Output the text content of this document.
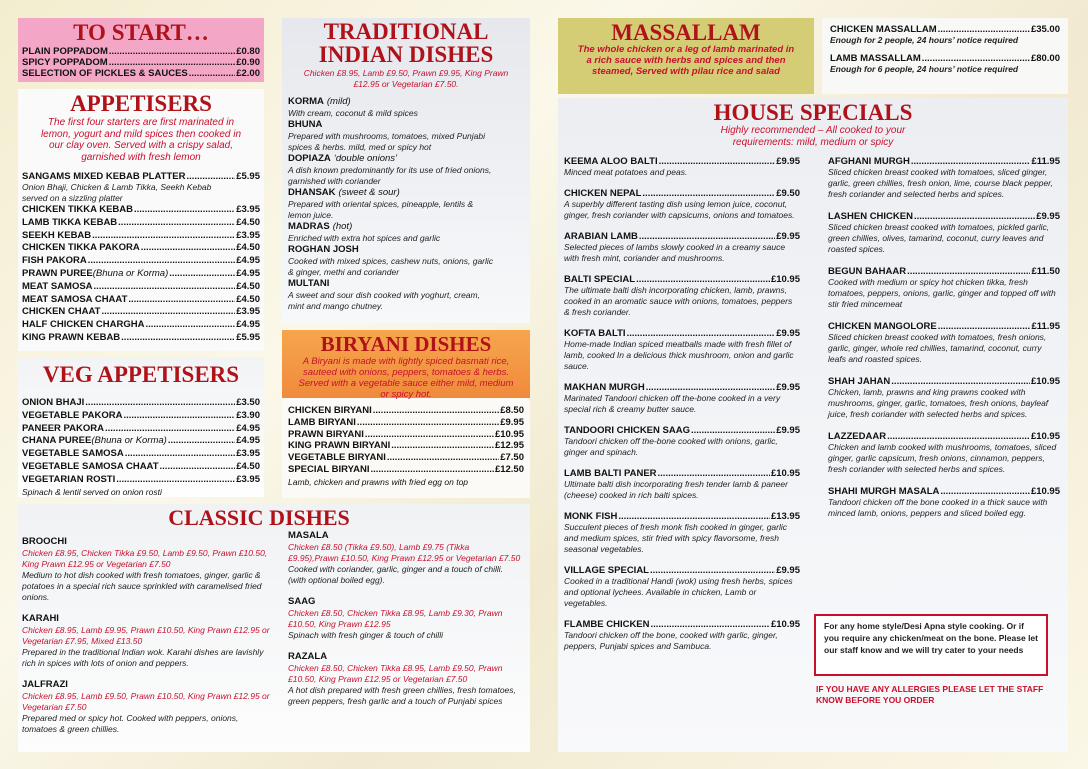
TO START…
PLAIN POPPADOM .....	£0.80
SPICY POPPADOM .....	£0.90
SELECTION OF PICKLES & SAUCES .....	£2.00
APPETISERS
The first four starters are first marinated in lemon, yogurt and mild spices then cooked in our clay oven. Served with a crispy salad, garnished with fresh lemon
SANGAMS MIXED KEBAB PLATTER .....	£5.95
Onion Bhaji, Chicken & Lamb Tikka, Seekh Kebab served on a sizzling platter
CHICKEN TIKKA KEBAB .....	£3.95
LAMB TIKKA KEBAB .....	£4.50
SEEKH KEBAB .....	£3.95
CHICKEN TIKKA PAKORA .....	£4.50
FISH PAKORA .....	£4.95
PRAWN PUREE (Bhuna or Korma) .....	£4.95
MEAT SAMOSA .....	£4.50
MEAT SAMOSA CHAAT .....	£4.50
CHICKEN CHAAT .....	£3.95
HALF CHICKEN CHARGHA .....	£4.95
KING PRAWN KEBAB .....	£5.95
VEG APPETISERS
ONION BHAJI .....	£3.50
VEGETABLE PAKORA .....	£3.90
PANEER PAKORA .....	£4.95
CHANA PUREE (Bhuna or Korma) .....	£4.95
VEGETABLE SAMOSA .....	£3.95
VEGETABLE SAMOSA CHAAT .....	£4.50
VEGETARIAN ROSTI .....	£3.95
Spinach & lentil served on onion rosti
TRADITIONAL
INDIAN DISHES
Chicken £8.95, Lamb £9.50, Prawn £9.95, King Prawn £12.95 or Vegetarian £7.50.
KORMA (mild)
With cream, coconut & mild spices
BHUNA
Prepared with mushrooms, tomatoes, mixed Punjabi spices & herbs. mild, med or spicy hot
DOPIAZA ‘double onions’
A dish known predominantly for its use of fried onions, garnished with coriander
DHANSAK (sweet & sour)
Prepared with oriental spices, pineapple, lentils & lemon juice.
MADRAS (hot)
Enriched with extra hot spices and garlic
ROGHAN JOSH
Cooked with mixed spices, cashew nuts, onions, garlic & ginger, methi and coriander
MULTANI
A sweet and sour dish cooked with yoghurt, cream, mint and mango chutney.
BIRYANI DISHES
A Biryani is made with lightly spiced basmati rice, sauteed with onions, peppers, tomatoes & herbs. Served with a vegetable sauce either mild, medium or spicy hot.
CHICKEN BIRYANI .....	£8.50
LAMB BIRYANI .....	£9.95
PRAWN BIRYANI .....	£10.95
KING PRAWN BIRYANI .....	£12.95
VEGETABLE BIRYANI .....	£7.50
SPECIAL BIRYANI .....	£12.50
Lamb, chicken and prawns with fried egg on top
CLASSIC DISHES
BROOCHI
Chicken £8.95, Chicken Tikka £9.50, Lamb £9.50, Prawn £10.50, King Prawn £12.95 or Vegetarian £7.50
Medium to hot dish cooked with fresh tomatoes, ginger, garlic & potatoes in a special rich sauce sprinkled with caramelised fried onions.
KARAHI
Chicken £8.95, Lamb £9.95, Prawn £10.50, King Prawn £12.95 or Vegetarian £7.95, Mixed £13.50
Prepared in the traditional Indian wok. Karahi dishes are lavishly rich in spices with lots of onion and peppers.
JALFRAZI
Chicken £8.95, Lamb £9.50, Prawn £10.50, King Prawn £12.95 or Vegetarian £7.50
Prepared med or spicy hot. Cooked with peppers, onions, tomatoes & green chillies.
MASALA
Chicken £8.50 (Tikka £9.50), Lamb £9.75 (Tikka £9.95),Prawn £10.50, King Prawn £12.95 or Vegetarian £7.50
Cooked with coriander, garlic, ginger and a touch of chilli. (with optional boiled egg).
SAAG
Chicken £8.50, Chicken Tikka £8.95, Lamb £9.30, Prawn £10.50, King Prawn £12.95
Spinach with fresh ginger & touch of chilli
RAZALA
Chicken £8.50, Chicken Tikka £8.95, Lamb £9.50, Prawn £10.50, King Prawn £12.95 or Vegetarian £7.50
A hot dish prepared with fresh green chillies, fresh tomatoes, green peppers, fresh garlic and a touch of Punjabi spices
MASSALLAM
The whole chicken or a leg of lamb marinated in a rich sauce with herbs and spices and then steamed, Served with pilau rice and salad
CHICKEN MASSALLAM .....	£35.00
Enough for 2 people, 24 hours’ notice required
LAMB MASSALLAM .....	£80.00
Enough for 6 people, 24 hours’ notice required
HOUSE SPECIALS
Highly recommended – All cooked to your requirements: mild, medium or spicy
KEEMA ALOO BALTI .....	£9.95
Minced meat potatoes and peas.
CHICKEN NEPAL .....	£9.50
A superbly different tasting dish using lemon juice, coconut, ginger, fresh coriander with capsicums, onions and tomatoes.
ARABIAN LAMB .....	£9.95
Selected pieces of lambs slowly cooked in a creamy sauce with fresh mint, coriander and mushrooms.
BALTI SPECIAL .....	£10.95
The ultimate balti dish incorporating chicken, lamb, prawns, cooked in an aromatic sauce with onions, tomatoes, peppers & fresh coriander.
KOFTA BALTI .....	£9.95
Home-made Indian spiced meatballs made with fresh fillet of lamb, cooked In a delicious thick mushroom, onion and garlic sauce.
MAKHAN MURGH .....	£9.95
Marinated Tandoori chicken off the-bone cooked in a very special rich & creamy butter sauce.
TANDOORI CHICKEN SAAG .....	£9.95
Tandoori chicken off the-bone cooked with onions, garlic, ginger and spinach.
LAMB BALTI PANER .....	£10.95
Ultimate balti dish incorporating fresh tender lamb & paneer (cheese) cooked in rich balti spices.
MONK FISH .....	£13.95
Succulent pieces of fresh monk fish cooked in ginger, garlic and medium spices, stir fried with spicy flavorsome, fresh seasonal vegetables.
VILLAGE SPECIAL .....	£9.95
Cooked in a traditional Handi (wok) using fresh herbs, spices and optional lychees. Available in chicken, Lamb or vegetables.
FLAMBE CHICKEN .....	£10.95
Tandoori chicken off the bone, cooked with garlic, ginger, peppers, Punjabi spices and Sambuca.
AFGHANI MURGH .....	£11.95
Sliced chicken breast cooked with tomatoes, sliced ginger, garlic, green chillies, fresh onion, lime, course black pepper, fresh coriander and selected herbs and spices.
LASHEN CHICKEN .....	£9.95
Sliced chicken breast cooked with tomatoes, pickled garlic, green chillies, olives, tamarind, coconut, curry leaves and roasted spices.
BEGUN BAHAAR .....	£11.50
Cooked with medium or spicy hot chicken tikka, fresh tomatoes, peppers, onions, garlic, ginger and topped off with stir fried mincemeat
CHICKEN MANGOLORE .....	£11.95
Sliced chicken breast cooked with tomatoes, fresh onions, garlic, ginger, whole red chillies, tamarind, coconut, curry leafs and roasted spices.
SHAH JAHAN .....	£10.95
Chicken, lamb, prawns and king prawns cooked with mushrooms, ginger, garlic, tomatoes, fresh onions, bayleaf juice, fresh coriander with selected herbs and spices.
LAZZEDAAR .....	£10.95
Chicken and lamb cooked with mushrooms, tomatoes, sliced ginger, garlic capsicum, fresh onions, cinnamon, peppers, fresh coriander with selected herbs and spices.
SHAHI MURGH MASALA .....	£10.95
Tandoori chicken off the bone cooked in a thick sauce with minced lamb, onions, peppers and sliced boiled egg.
For any home style/Desi Apna style cooking. Or if you require any chicken/meat on the bone. Please let our staff know and we will try cater to your needs
IF YOU HAVE ANY ALLERGIES PLEASE LET THE STAFF KNOW BEFORE YOU ORDER
